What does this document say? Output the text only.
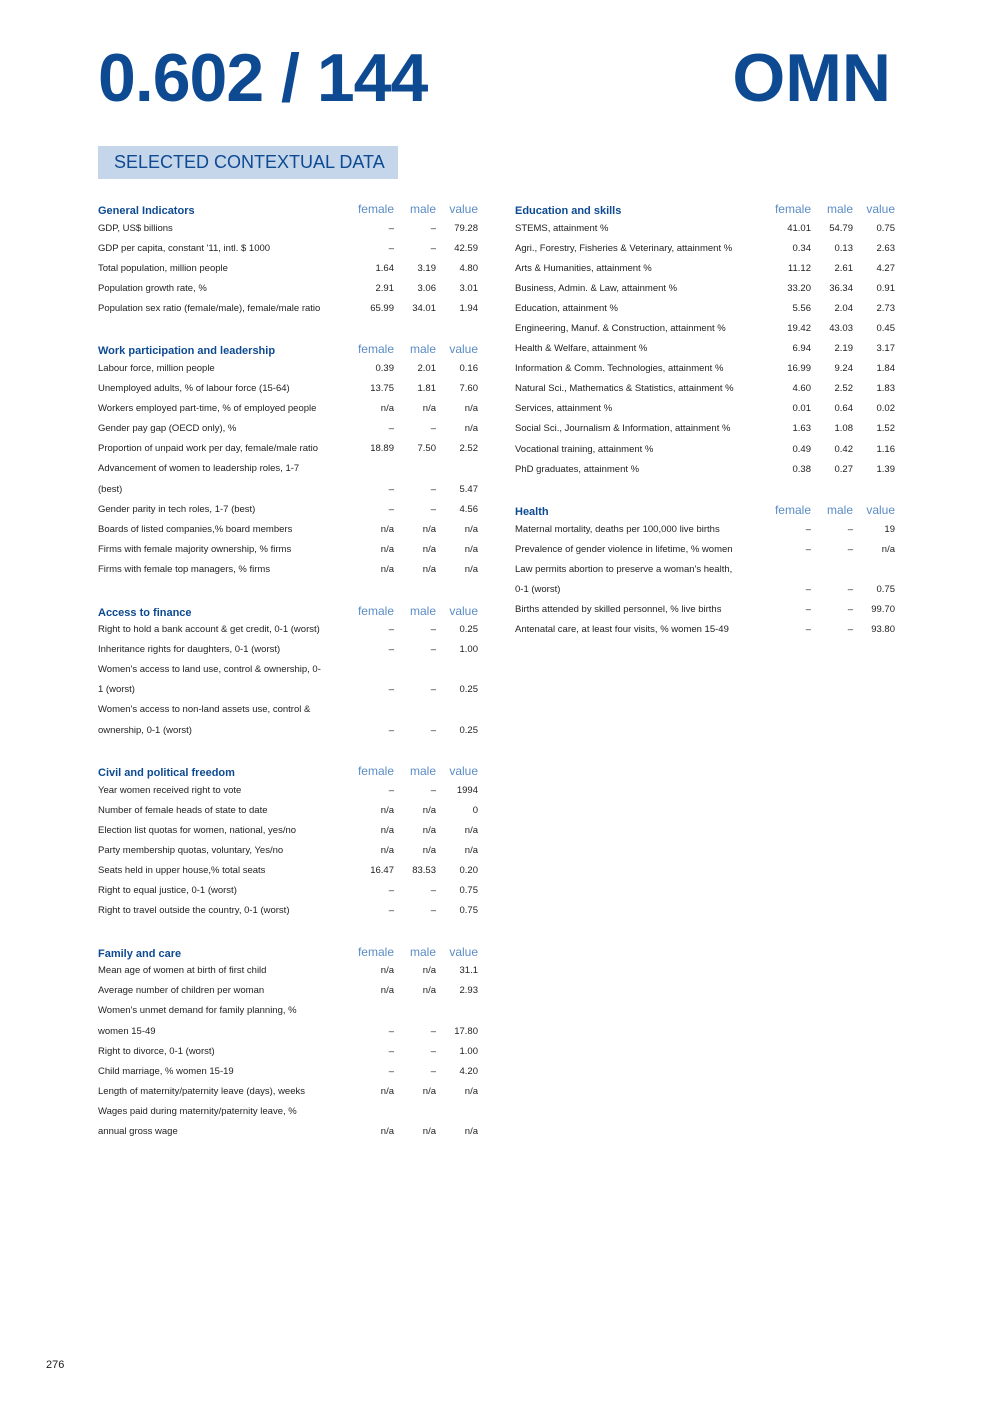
0.602 / 144	OMN
SELECTED CONTEXTUAL DATA
General Indicators	female	male	value
GDP, US$ billions	–	–	79.28
GDP per capita, constant '11, intl. $ 1000	–	–	42.59
Total population, million people	1.64	3.19	4.80
Population growth rate, %	2.91	3.06	3.01
Population sex ratio (female/male), female/male ratio	65.99	34.01	1.94
Work participation and leadership	female	male	value
Labour force, million people	0.39	2.01	0.16
Unemployed adults, % of labour force (15-64)	13.75	1.81	7.60
Workers employed part-time, % of employed people	n/a	n/a	n/a
Gender pay gap (OECD only), %	–	–	n/a
Proportion of unpaid work per day, female/male ratio	18.89	7.50	2.52
Advancement of women to leadership roles, 1-7
(best)	–	–	5.47
Gender parity in tech roles, 1-7 (best)	–	–	4.56
Boards of listed companies,% board members	n/a	n/a	n/a
Firms with female majority ownership, % firms	n/a	n/a	n/a
Firms with female top managers, % firms	n/a	n/a	n/a
Access to finance	female	male	value
Right to hold a bank account & get credit, 0-1 (worst)	–	–	0.25
Inheritance rights for daughters, 0-1 (worst)	–	–	1.00
Women's access to land use, control & ownership, 0-
1 (worst)	–	–	0.25
Women's access to non-land assets use, control &
ownership, 0-1 (worst)	–	–	0.25
Civil and political freedom	female	male	value
Year women received right to vote	–	–	1994
Number of female heads of state to date	n/a	n/a	0
Election list quotas for women, national, yes/no	n/a	n/a	n/a
Party membership quotas, voluntary, Yes/no	n/a	n/a	n/a
Seats held in upper house,% total seats	16.47	83.53	0.20
Right to equal justice, 0-1 (worst)	–	–	0.75
Right to travel outside the country, 0-1 (worst)	–	–	0.75
Family and care	female	male	value
Mean age of women at birth of first child	n/a	n/a	31.1
Average number of children per woman	n/a	n/a	2.93
Women's unmet demand for family planning, %
women 15-49	–	–	17.80
Right to divorce, 0-1 (worst)	–	–	1.00
Child marriage, % women 15-19	–	–	4.20
Length of maternity/paternity leave (days), weeks	n/a	n/a	n/a
Wages paid during maternity/paternity leave, %
annual gross wage	n/a	n/a	n/a
Education and skills	female	male	value
STEMS, attainment %	41.01	54.79	0.75
Agri., Forestry, Fisheries & Veterinary, attainment %	0.34	0.13	2.63
Arts & Humanities, attainment %	11.12	2.61	4.27
Business, Admin. & Law, attainment %	33.20	36.34	0.91
Education, attainment %	5.56	2.04	2.73
Engineering, Manuf. & Construction, attainment %	19.42	43.03	0.45
Health & Welfare, attainment %	6.94	2.19	3.17
Information & Comm. Technologies, attainment %	16.99	9.24	1.84
Natural Sci., Mathematics & Statistics, attainment %	4.60	2.52	1.83
Services, attainment %	0.01	0.64	0.02
Social Sci., Journalism & Information, attainment %	1.63	1.08	1.52
Vocational training, attainment %	0.49	0.42	1.16
PhD graduates, attainment %	0.38	0.27	1.39
Health	female	male	value
Maternal mortality, deaths per 100,000 live births	–	–	19
Prevalence of gender violence in lifetime, % women	–	–	n/a
Law permits abortion to preserve a woman's health,
0-1 (worst)	–	–	0.75
Births attended by skilled personnel, % live births	–	–	99.70
Antenatal care, at least four visits, % women 15-49	–	–	93.80
276
